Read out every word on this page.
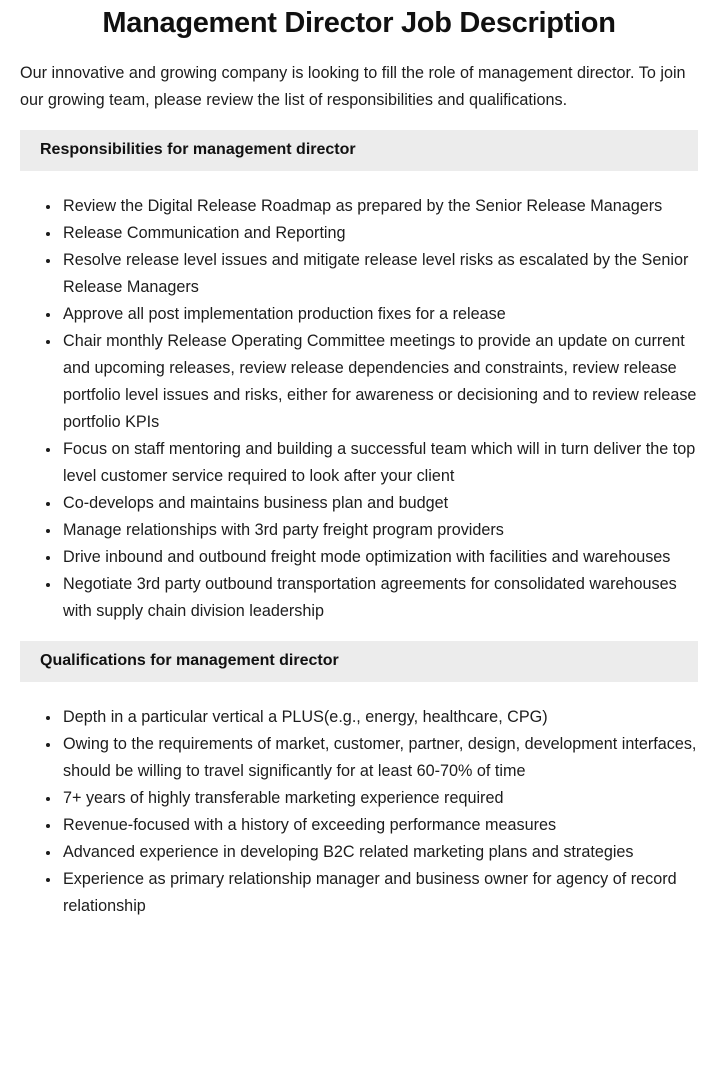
Management Director Job Description

Our innovative and growing company is looking to fill the role of management director. To join our growing team, please review the list of responsibilities and qualifications.

Responsibilities for management director
• Review the Digital Release Roadmap as prepared by the Senior Release Managers
• Release Communication and Reporting
• Resolve release level issues and mitigate release level risks as escalated by the Senior Release Managers
• Approve all post implementation production fixes for a release
• Chair monthly Release Operating Committee meetings to provide an update on current and upcoming releases, review release dependencies and constraints, review release portfolio level issues and risks, either for awareness or decisioning and to review release portfolio KPIs
• Focus on staff mentoring and building a successful team which will in turn deliver the top level customer service required to look after your client
• Co-develops and maintains business plan and budget
• Manage relationships with 3rd party freight program providers
• Drive inbound and outbound freight mode optimization with facilities and warehouses
• Negotiate 3rd party outbound transportation agreements for consolidated warehouses with supply chain division leadership
Qualifications for management director
• Depth in a particular vertical a PLUS(e.g., energy, healthcare, CPG)
• Owing to the requirements of market, customer, partner, design, development interfaces, should be willing to travel significantly for at least 60-70% of time
• 7+ years of highly transferable marketing experience required
• Revenue-focused with a history of exceeding performance measures
• Advanced experience in developing B2C related marketing plans and strategies
• Experience as primary relationship manager and business owner for agency of record relationship
